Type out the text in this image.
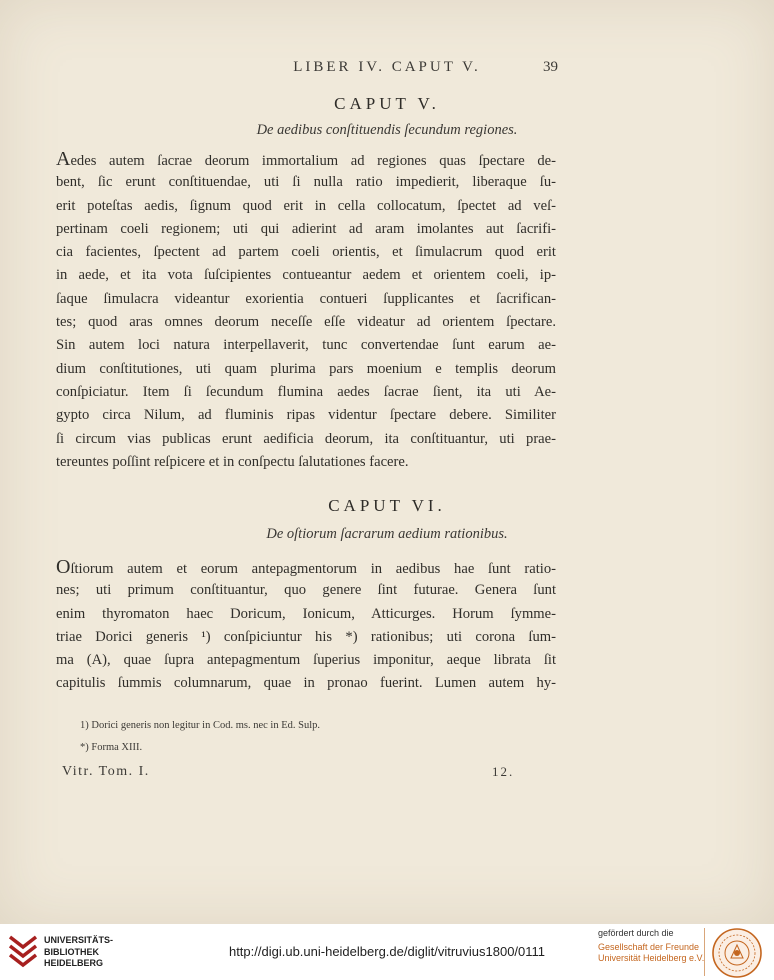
LIBER IV. CAPUT V.	39
CAPUT V.
De aedibus conſtituendis ſecundum regiones.
Aedes autem ſacrae deorum immortalium ad regiones quas ſpectare de-
bent, ſic erunt conſtituendae, uti ſi nulla ratio impedierit, liberaque ſu-
erit poteſtas aedis, ſignum quod erit in cella collocatum, ſpectet ad veſ-
pertinam coeli regionem; uti qui adierint ad aram imolantes aut ſacrifi-
cia facientes, ſpectent ad partem coeli orientis, et ſimulacrum quod erit
in aede, et ita vota ſuſcipientes contueantur aedem et orientem coeli, ip-
ſaque ſimulacra videantur exorientia contueri ſupplicantes et ſacrifican-
tes; quod aras omnes deorum neceſſe eſſe videatur ad orientem ſpectare.
Sin autem loci natura interpellaverit, tunc convertendae ſunt earum ae-
dium conſtitutiones, uti quam plurima pars moenium e templis deorum
conſpiciatur. Item ſi ſecundum flumina aedes ſacrae ſient, ita uti Ae-
gypto circa Nilum, ad fluminis ripas videntur ſpectare debere. Similiter
ſi circum vias publicas erunt aedificia deorum, ita conſtituantur, uti prae-
tereuntes poſſint reſpicere et in conſpectu ſalutationes facere.
CAPUT VI.
De oſtiorum ſacrarum aedium rationibus.
Oſtiorum autem et eorum antepagmentorum in aedibus hae ſunt ratio-
nes; uti primum conſtituantur, quo genere ſint futurae. Genera ſunt
enim thyromaton haec Doricum, Ionicum, Atticurges. Horum ſymme-
triae Dorici generis ¹) conſpiciuntur his *) rationibus; uti corona ſum-
ma (A), quae ſupra antepagmentum ſuperius imponitur, aeque librata ſit
capitulis ſummis columnarum, quae in pronao fuerint. Lumen autem hy-
1) Dorici generis non legitur in Cod. ms. nec in Ed. Sulp.
*) Forma XIII.
Vitr. Tom. I.	12.
UNIVERSITÄTS-
BIBLIOTHEK
HEIDELBERG
http://digi.ub.uni-heidelberg.de/diglit/vitruvius1800/0111
gefördert durch die
Gesellschaft der Freunde
Universität Heidelberg e.V.
